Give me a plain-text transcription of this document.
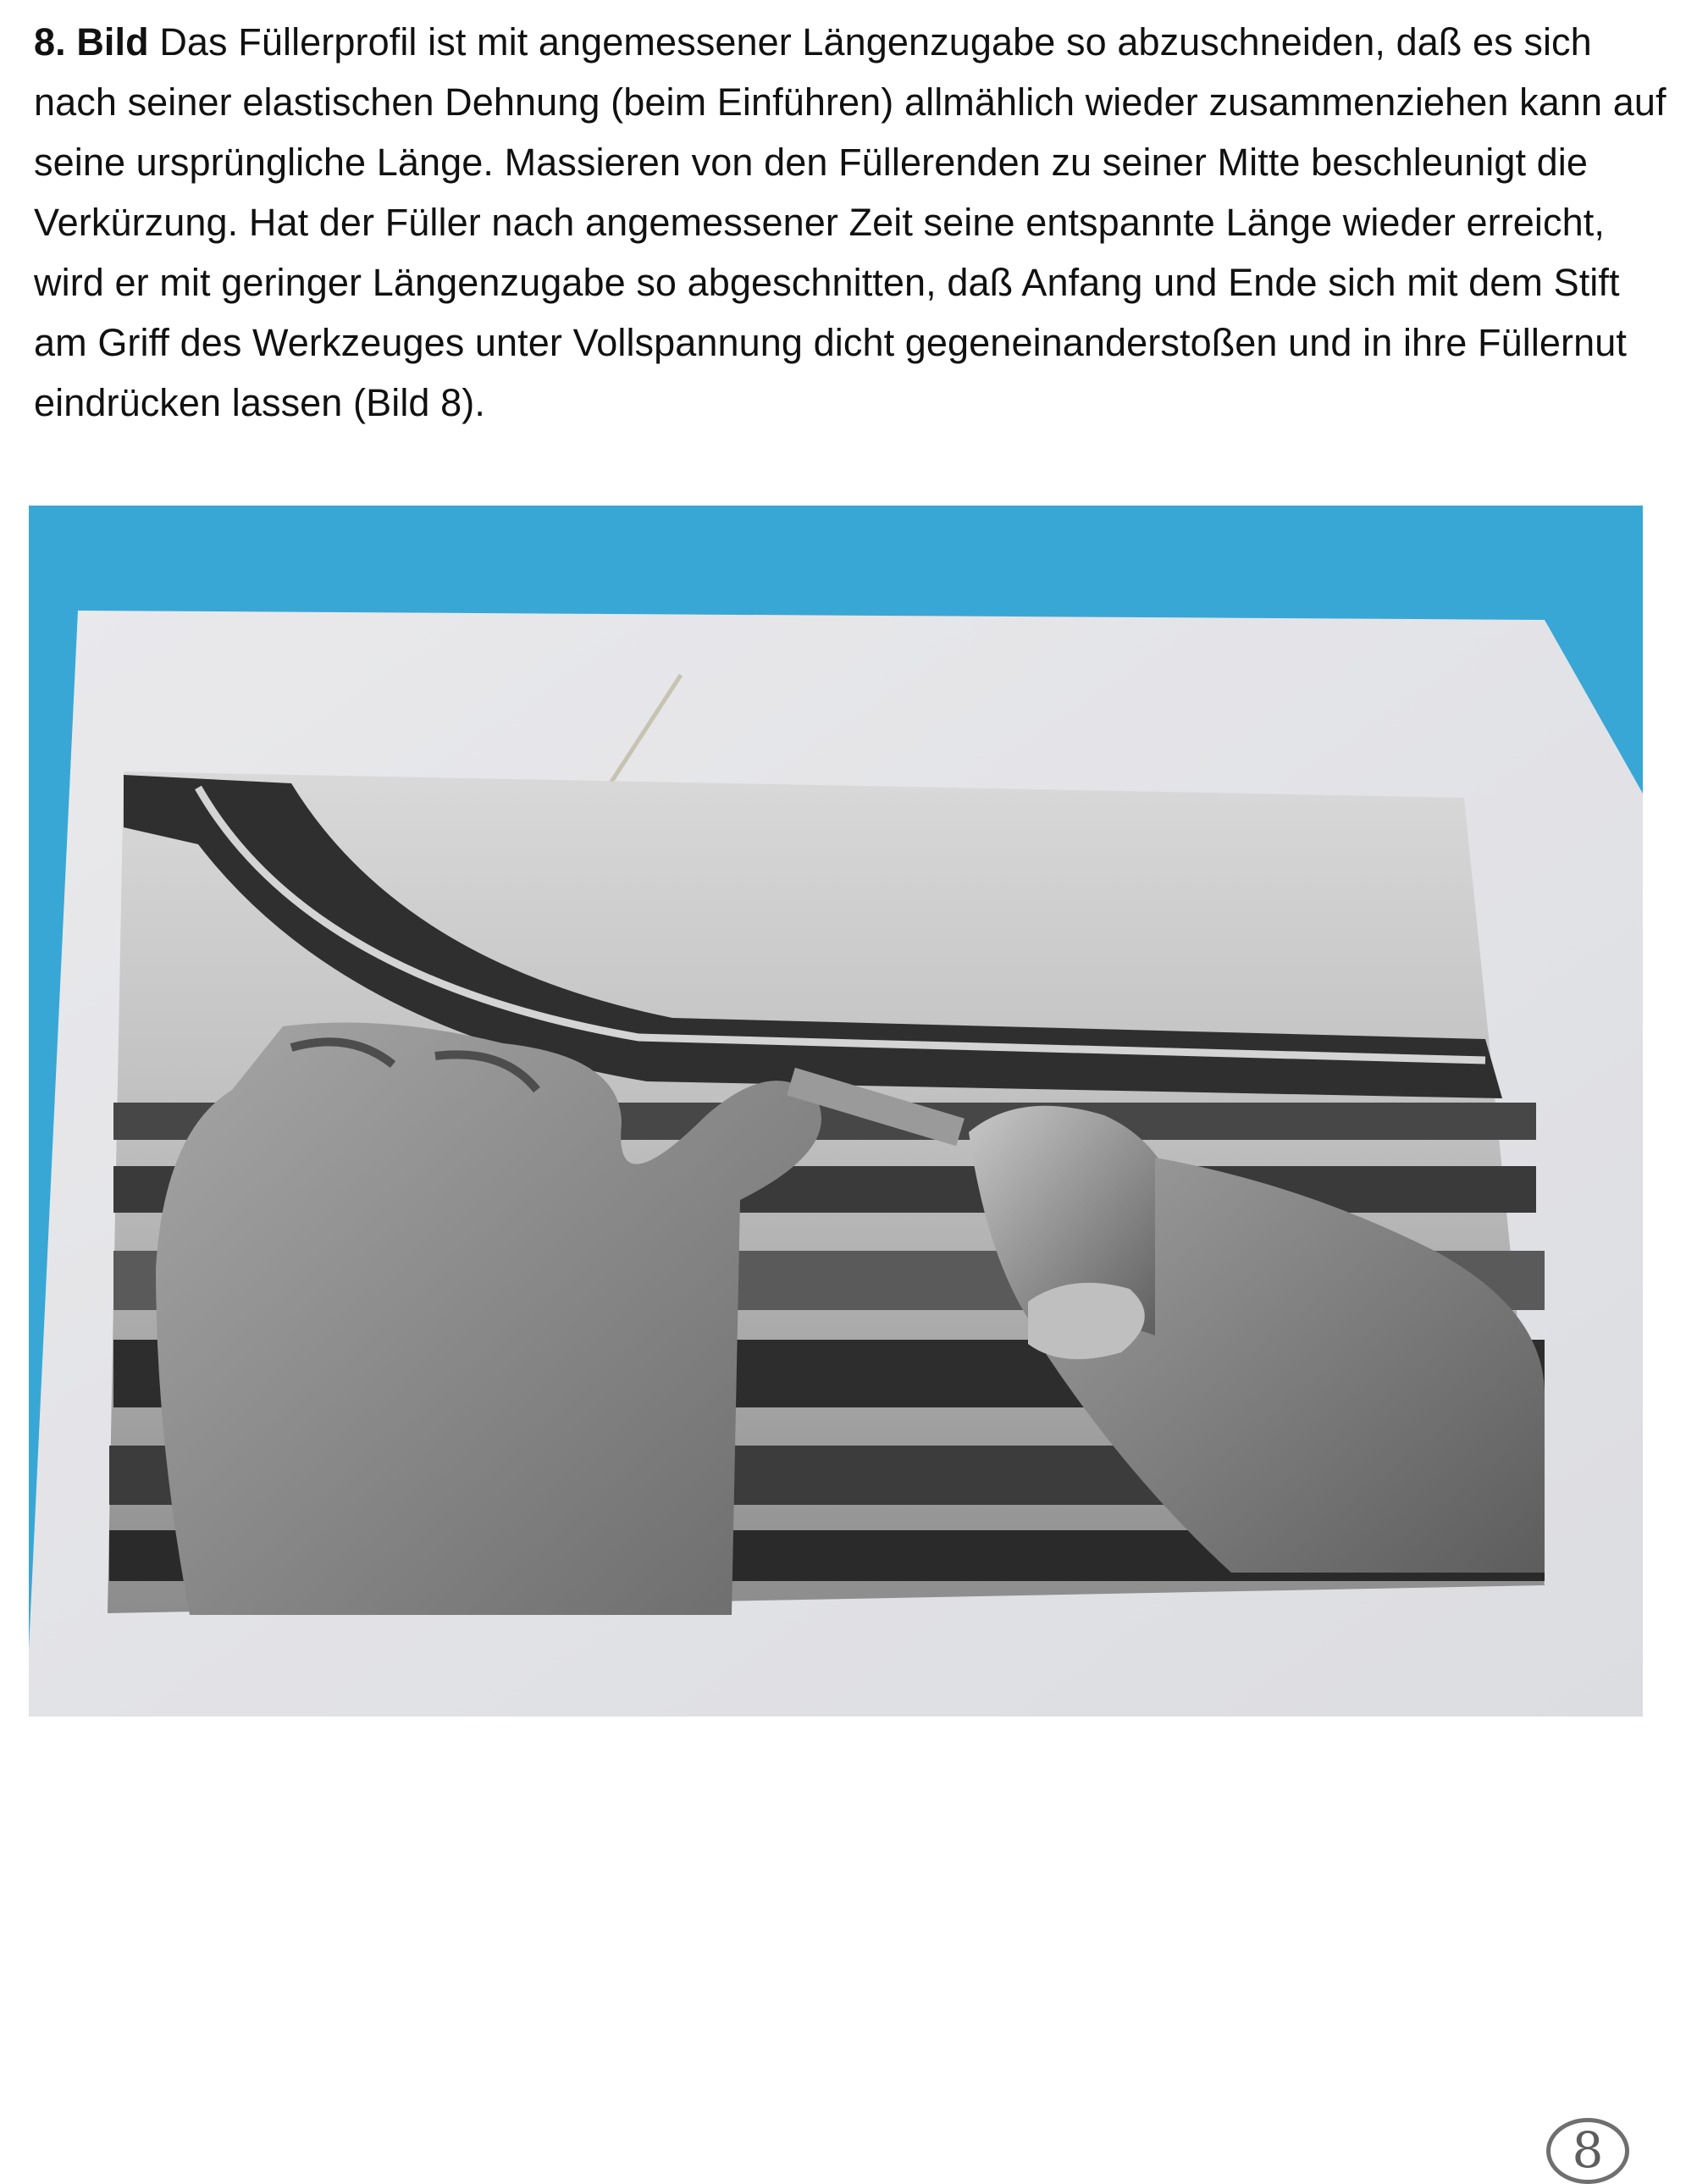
8. Bild Das Füllerprofil ist mit angemessener Längenzugabe so abzuschneiden, daß es sich nach seiner elastischen Dehnung (beim Einführen) allmählich wieder zusammenziehen kann auf seine ursprüngliche Länge. Massieren von den Füllerenden zu seiner Mitte beschleunigt die Verkürzung. Hat der Füller nach angemessener Zeit seine entspannte Länge wieder erreicht, wird er mit geringer Längenzugabe so abgeschnitten, daß Anfang und Ende sich mit dem Stift am Griff des Werkzeuges unter Vollspannung dicht gegeneinanderstoßen und in ihre Füllernut eindrücken lassen (Bild 8).

8
